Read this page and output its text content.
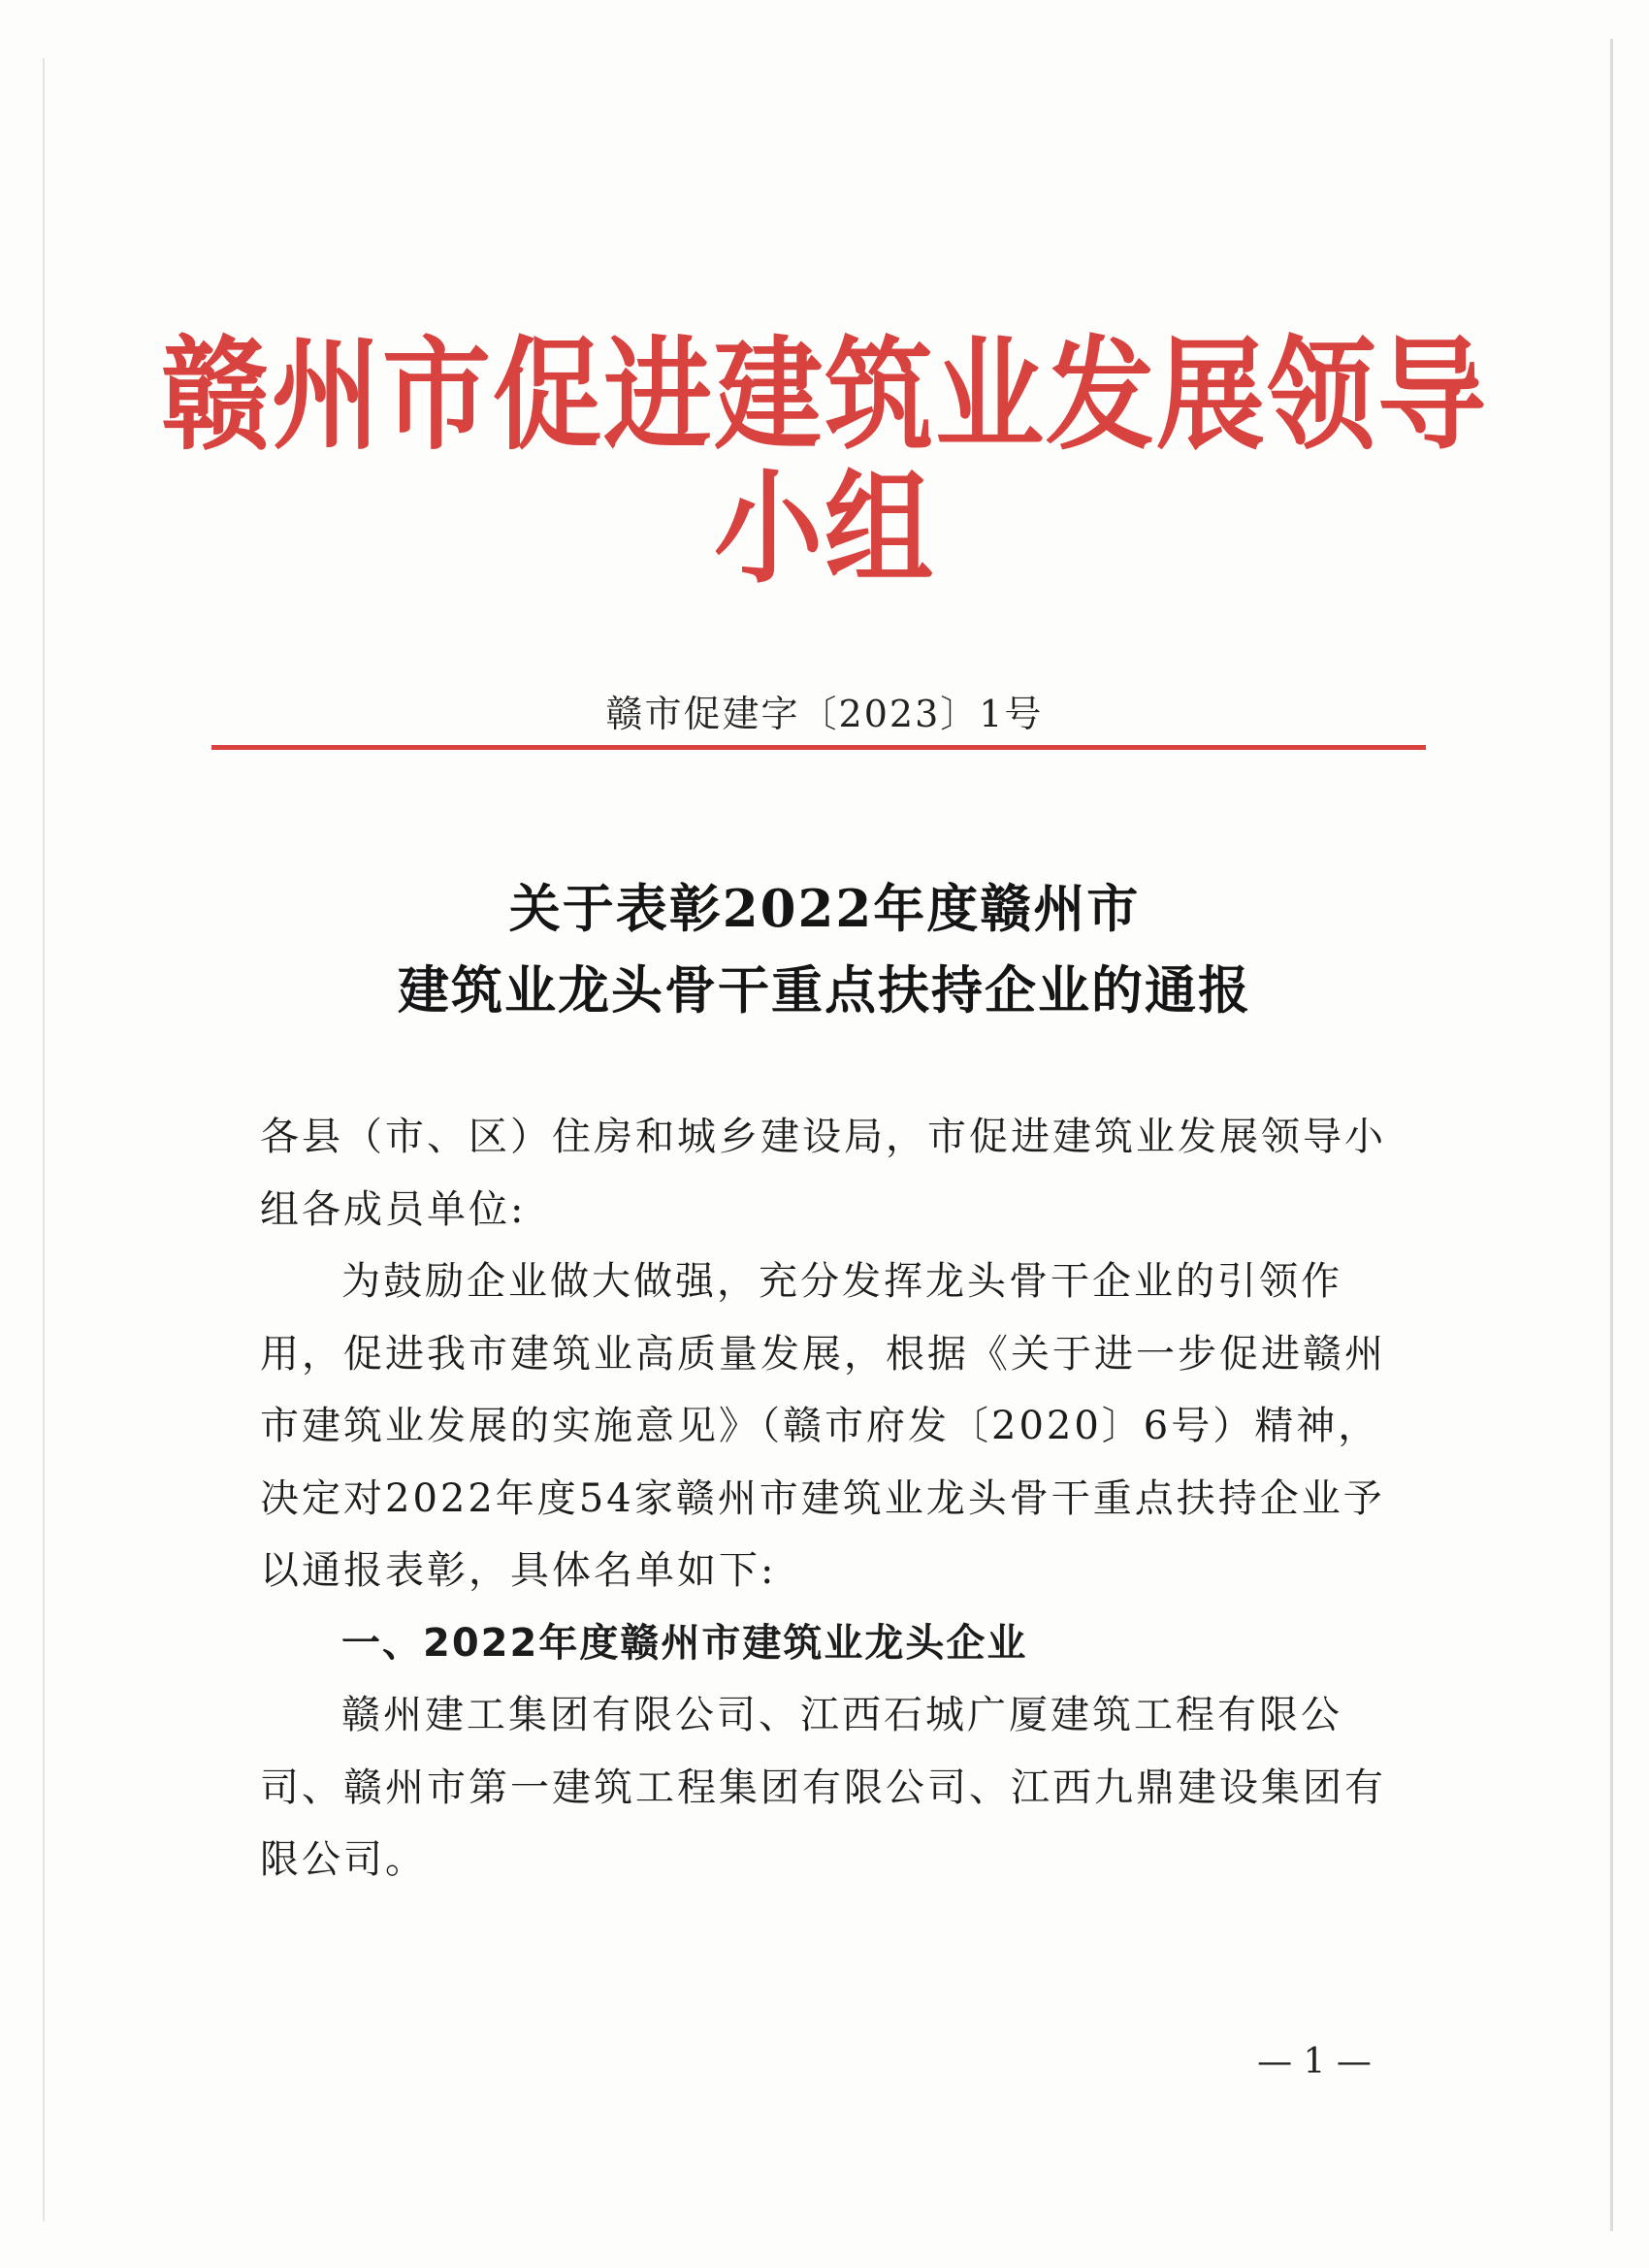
赣州市促进建筑业发展领导小组
赣市促建字〔2023〕1号
关于表彰2022年度赣州市
建筑业龙头骨干重点扶持企业的通报

各县（市、区）住房和城乡建设局，市促进建筑业发展领导小组各成员单位:

为鼓励企业做大做强，充分发挥龙头骨干企业的引领作用，促进我市建筑业高质量发展，根据《关于进一步促进赣州市建筑业发展的实施意见》（赣市府发〔2020〕6号）精神，决定对2022年度54家赣州市建筑业龙头骨干重点扶持企业予以通报表彰，具体名单如下:

一、2022年度赣州市建筑业龙头企业

赣州建工集团有限公司、江西石城广厦建筑工程有限公司、赣州市第一建筑工程集团有限公司、江西九鼎建设集团有限公司。

— 1 —
